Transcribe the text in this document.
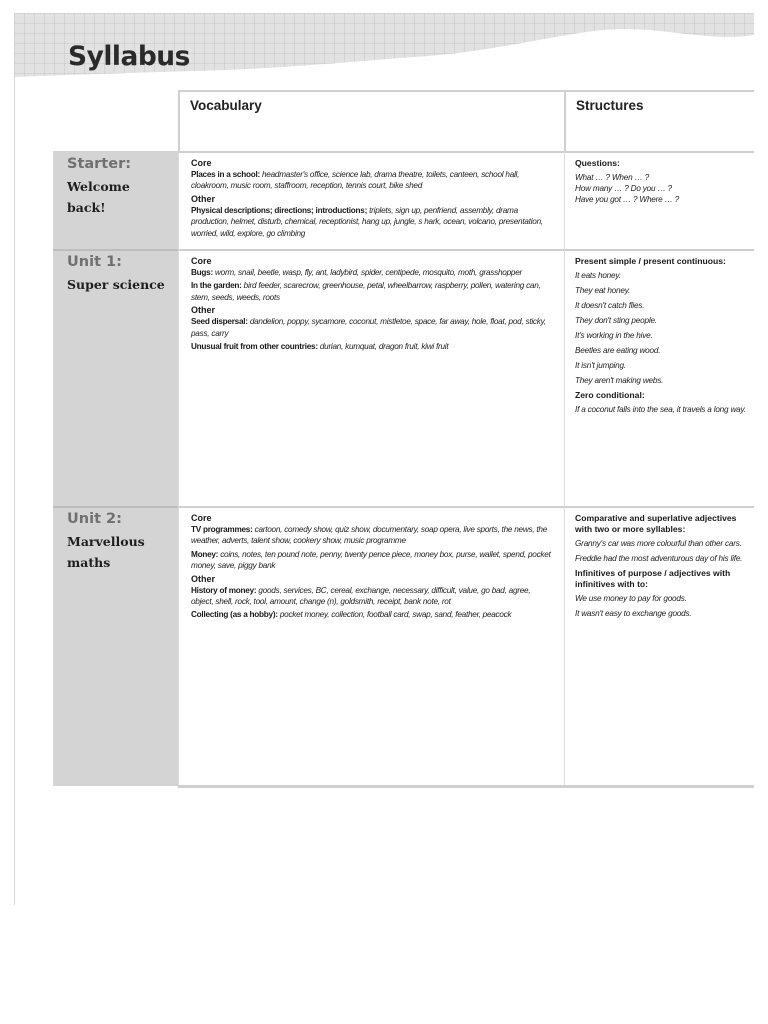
Syllabus
Vocabulary	Structures
Starter:
Welcome
back!
Unit 1:
Super science
Unit 2:
Marvellous
maths
Core
Places in a school: headmaster's office, science lab, drama theatre, toilets, canteen, school hall, cloakroom, music room, staffroom, reception, tennis court, bike shed
Other
Physical descriptions; directions; introductions; triplets, sign up, penfriend, assembly, drama production, helmet, disturb, chemical, receptionist, hang up, jungle, s hark, ocean, volcano, presentation, worried, wild, explore, go climbing
Questions:
What … ? When … ?
How many … ? Do you … ?
Have you got … ? Where … ?
Core
Bugs: worm, snail, beetle, wasp, fly, ant, ladybird, spider, centipede, mosquito, moth, grasshopper
In the garden: bird feeder, scarecrow, greenhouse, petal, wheelbarrow, raspberry, pollen, watering can, stem, seeds, weeds, roots
Other
Seed dispersal: dandelion, poppy, sycamore, coconut, mistletoe, space, far away, hole, float, pod, sticky, pass, carry
Unusual fruit from other countries: durian, kumquat, dragon fruit, kiwi fruit
Present simple / present continuous:
It eats honey.
They eat honey.
It doesn't catch flies.
They don't sting people.
It's working in the hive.
Beetles are eating wood.
It isn't jumping.
They aren't making webs.
Zero conditional:
If a coconut falls into the sea, it travels a long way.
Core
TV programmes: cartoon, comedy show, quiz show, documentary, soap opera, live sports, the news, the weather, adverts, talent show, cookery show, music programme
Money: coins, notes, ten pound note, penny, twenty pence piece, money box, purse, wallet, spend, pocket money, save, piggy bank
Other
History of money: goods, services, BC, cereal, exchange, necessary, difficult, value, go bad, agree, object, shell, rock, tool, amount, change (n), goldsmith, receipt, bank note, rot
Collecting (as a hobby): pocket money, collection, football card, swap, sand, feather, peacock
Comparative and superlative adjectives with two or more syllables:
Granny's car was more colourful than other cars.
Freddie had the most adventurous day of his life.
Infinitives of purpose / adjectives with infinitives with to:
We use money to pay for goods.
It wasn't easy to exchange goods.
